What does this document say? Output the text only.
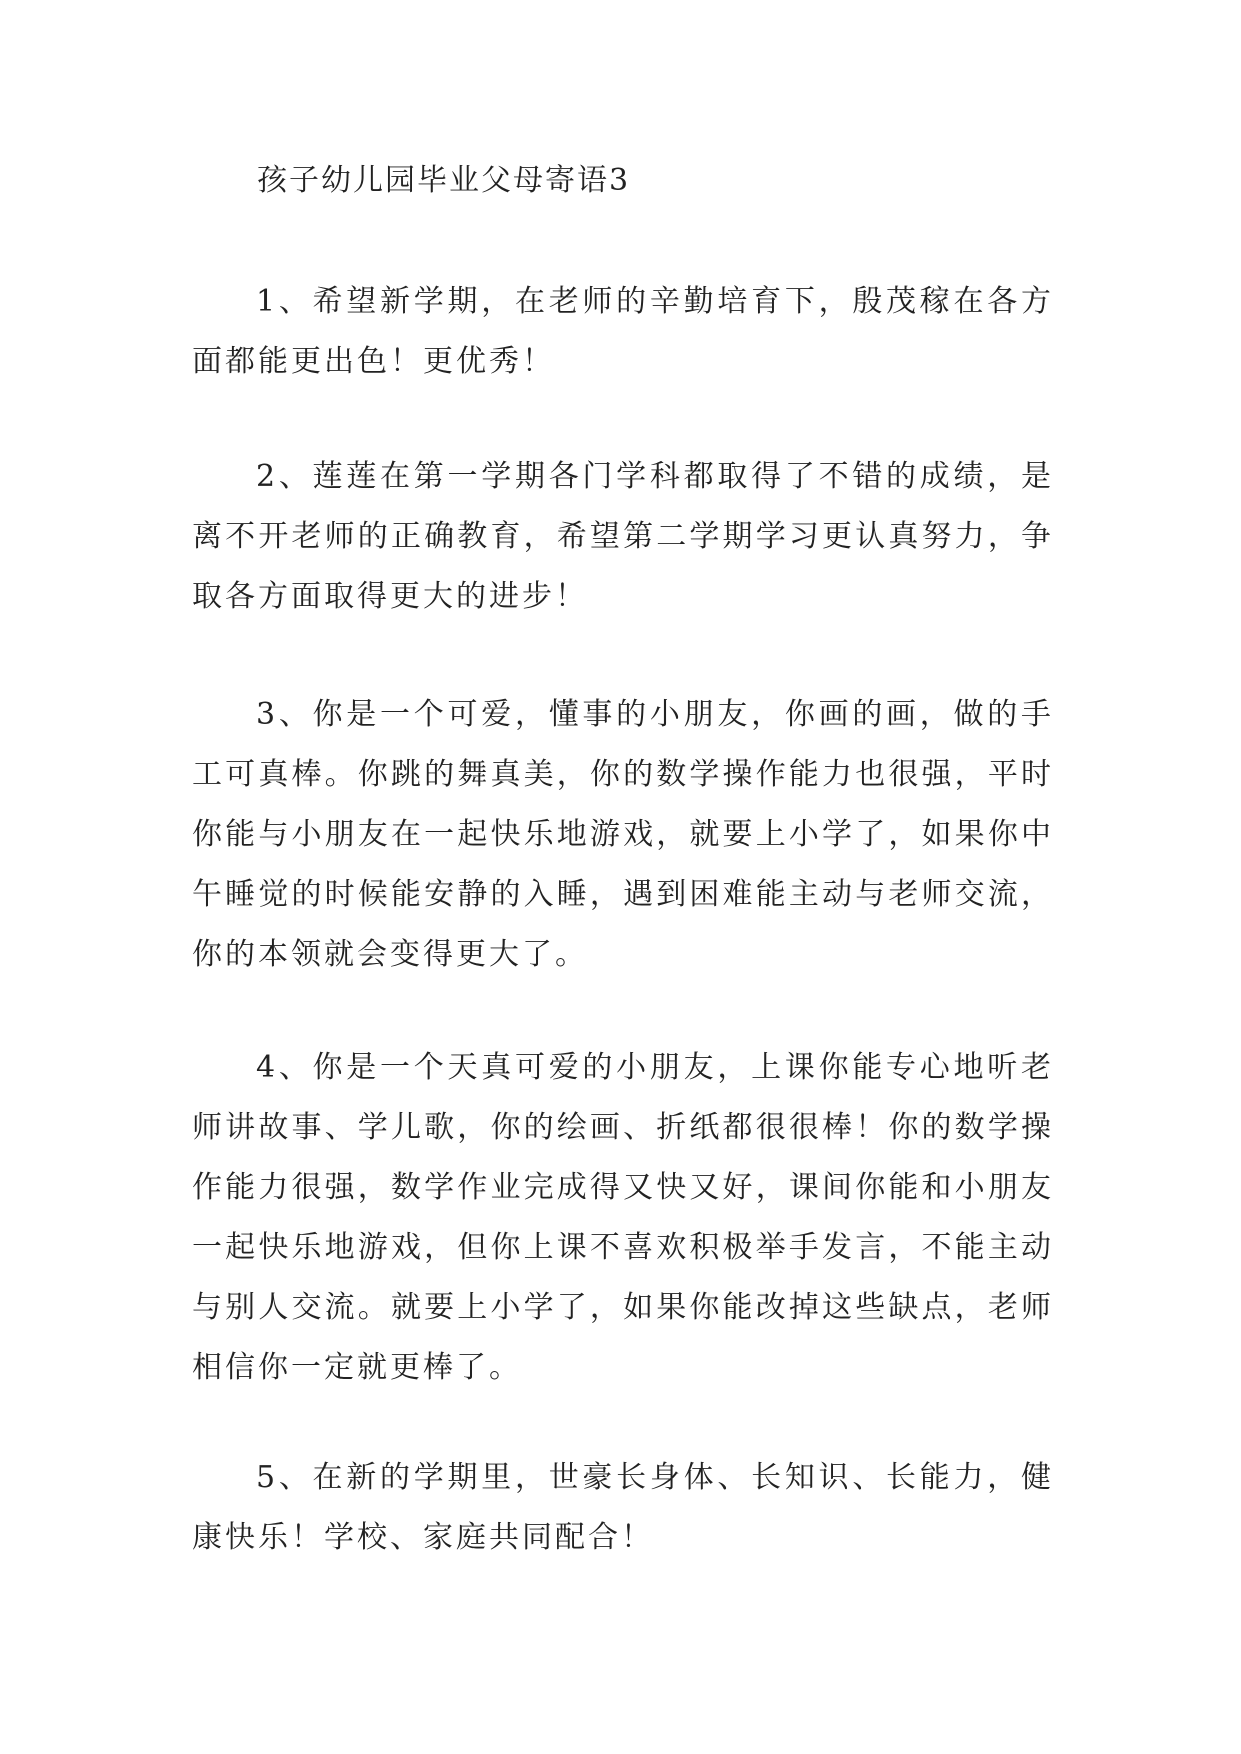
孩子幼儿园毕业父母寄语3

1、希望新学期，在老师的辛勤培育下，殷茂稼在各方面都能更出色！更优秀！

2、莲莲在第一学期各门学科都取得了不错的成绩，是离不开老师的正确教育，希望第二学期学习更认真努力，争取各方面取得更大的进步！

3、你是一个可爱，懂事的小朋友，你画的画，做的手工可真棒。你跳的舞真美，你的数学操作能力也很强，平时你能与小朋友在一起快乐地游戏，就要上小学了，如果你中午睡觉的时候能安静的入睡，遇到困难能主动与老师交流，你的本领就会变得更大了。

4、你是一个天真可爱的小朋友，上课你能专心地听老师讲故事、学儿歌，你的绘画、折纸都很很棒！你的数学操作能力很强，数学作业完成得又快又好，课间你能和小朋友一起快乐地游戏，但你上课不喜欢积极举手发言，不能主动与别人交流。就要上小学了，如果你能改掉这些缺点，老师相信你一定就更棒了。

5、在新的学期里，世豪长身体、长知识、长能力，健康快乐！学校、家庭共同配合！
